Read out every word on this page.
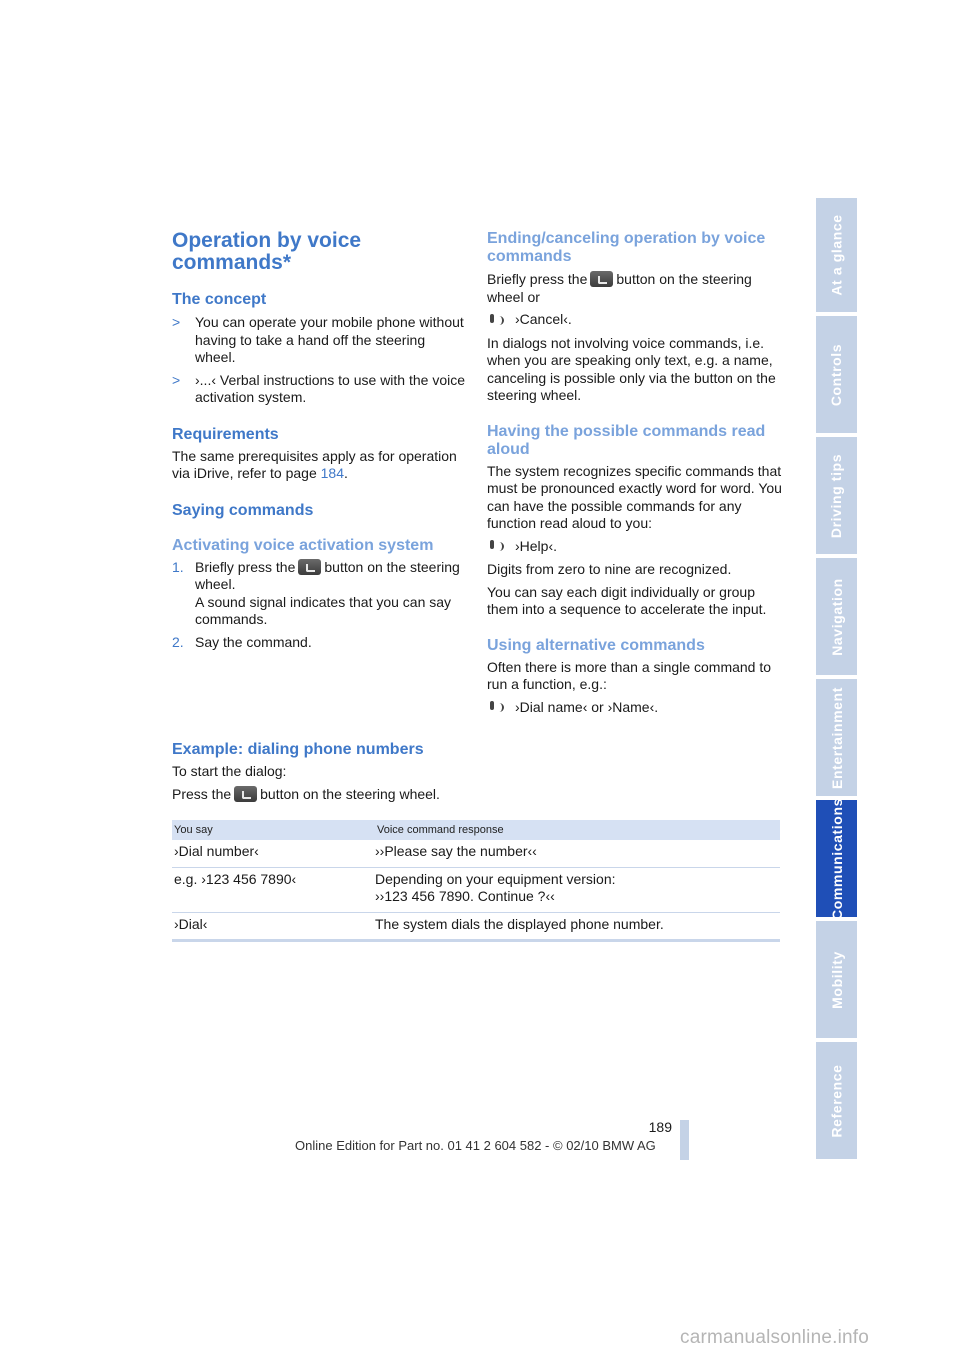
At a glance
Controls
Driving tips
Navigation
Entertainment
Communications
Mobility
Reference
Operation by voice commands*
The concept
>	You can operate your mobile phone without having to take a hand off the steering wheel.
>	›...‹ Verbal instructions to use with the voice activation system.
Requirements

The same prerequisites apply as for operation via iDrive, refer to page 184.

Saying commands
Activating voice activation system
1. Briefly press the button on the steering wheel.
A sound signal indicates that you can say commands.
2. Say the command.
Ending/canceling operation by voice commands

Briefly press the button on the steering wheel or

›Cancel‹.

In dialogs not involving voice commands, i.e. when you are speaking only text, e.g. a name, canceling is possible only via the button on the steering wheel.

Having the possible commands read aloud

The system recognizes specific commands that must be pronounced exactly word for word. You can have the possible commands for any function read aloud to you:

›Help‹.

Digits from zero to nine are recognized.

You can say each digit individually or group them into a sequence to accelerate the input.

Using alternative commands

Often there is more than a single command to run a function, e.g.:

›Dial name‹ or ›Name‹.
Example: dialing phone numbers

To start the dialog:

Press the button on the steering wheel.

You say	Voice command response
›Dial number‹	››Please say the number‹‹
e.g. ›123 456 7890‹	Depending on your equipment version:
››123 456 7890. Continue ?‹‹
›Dial‹	The system dials the displayed phone number.
189
Online Edition for Part no. 01 41 2 604 582 - © 02/10 BMW AG
carmanualsonline.info
